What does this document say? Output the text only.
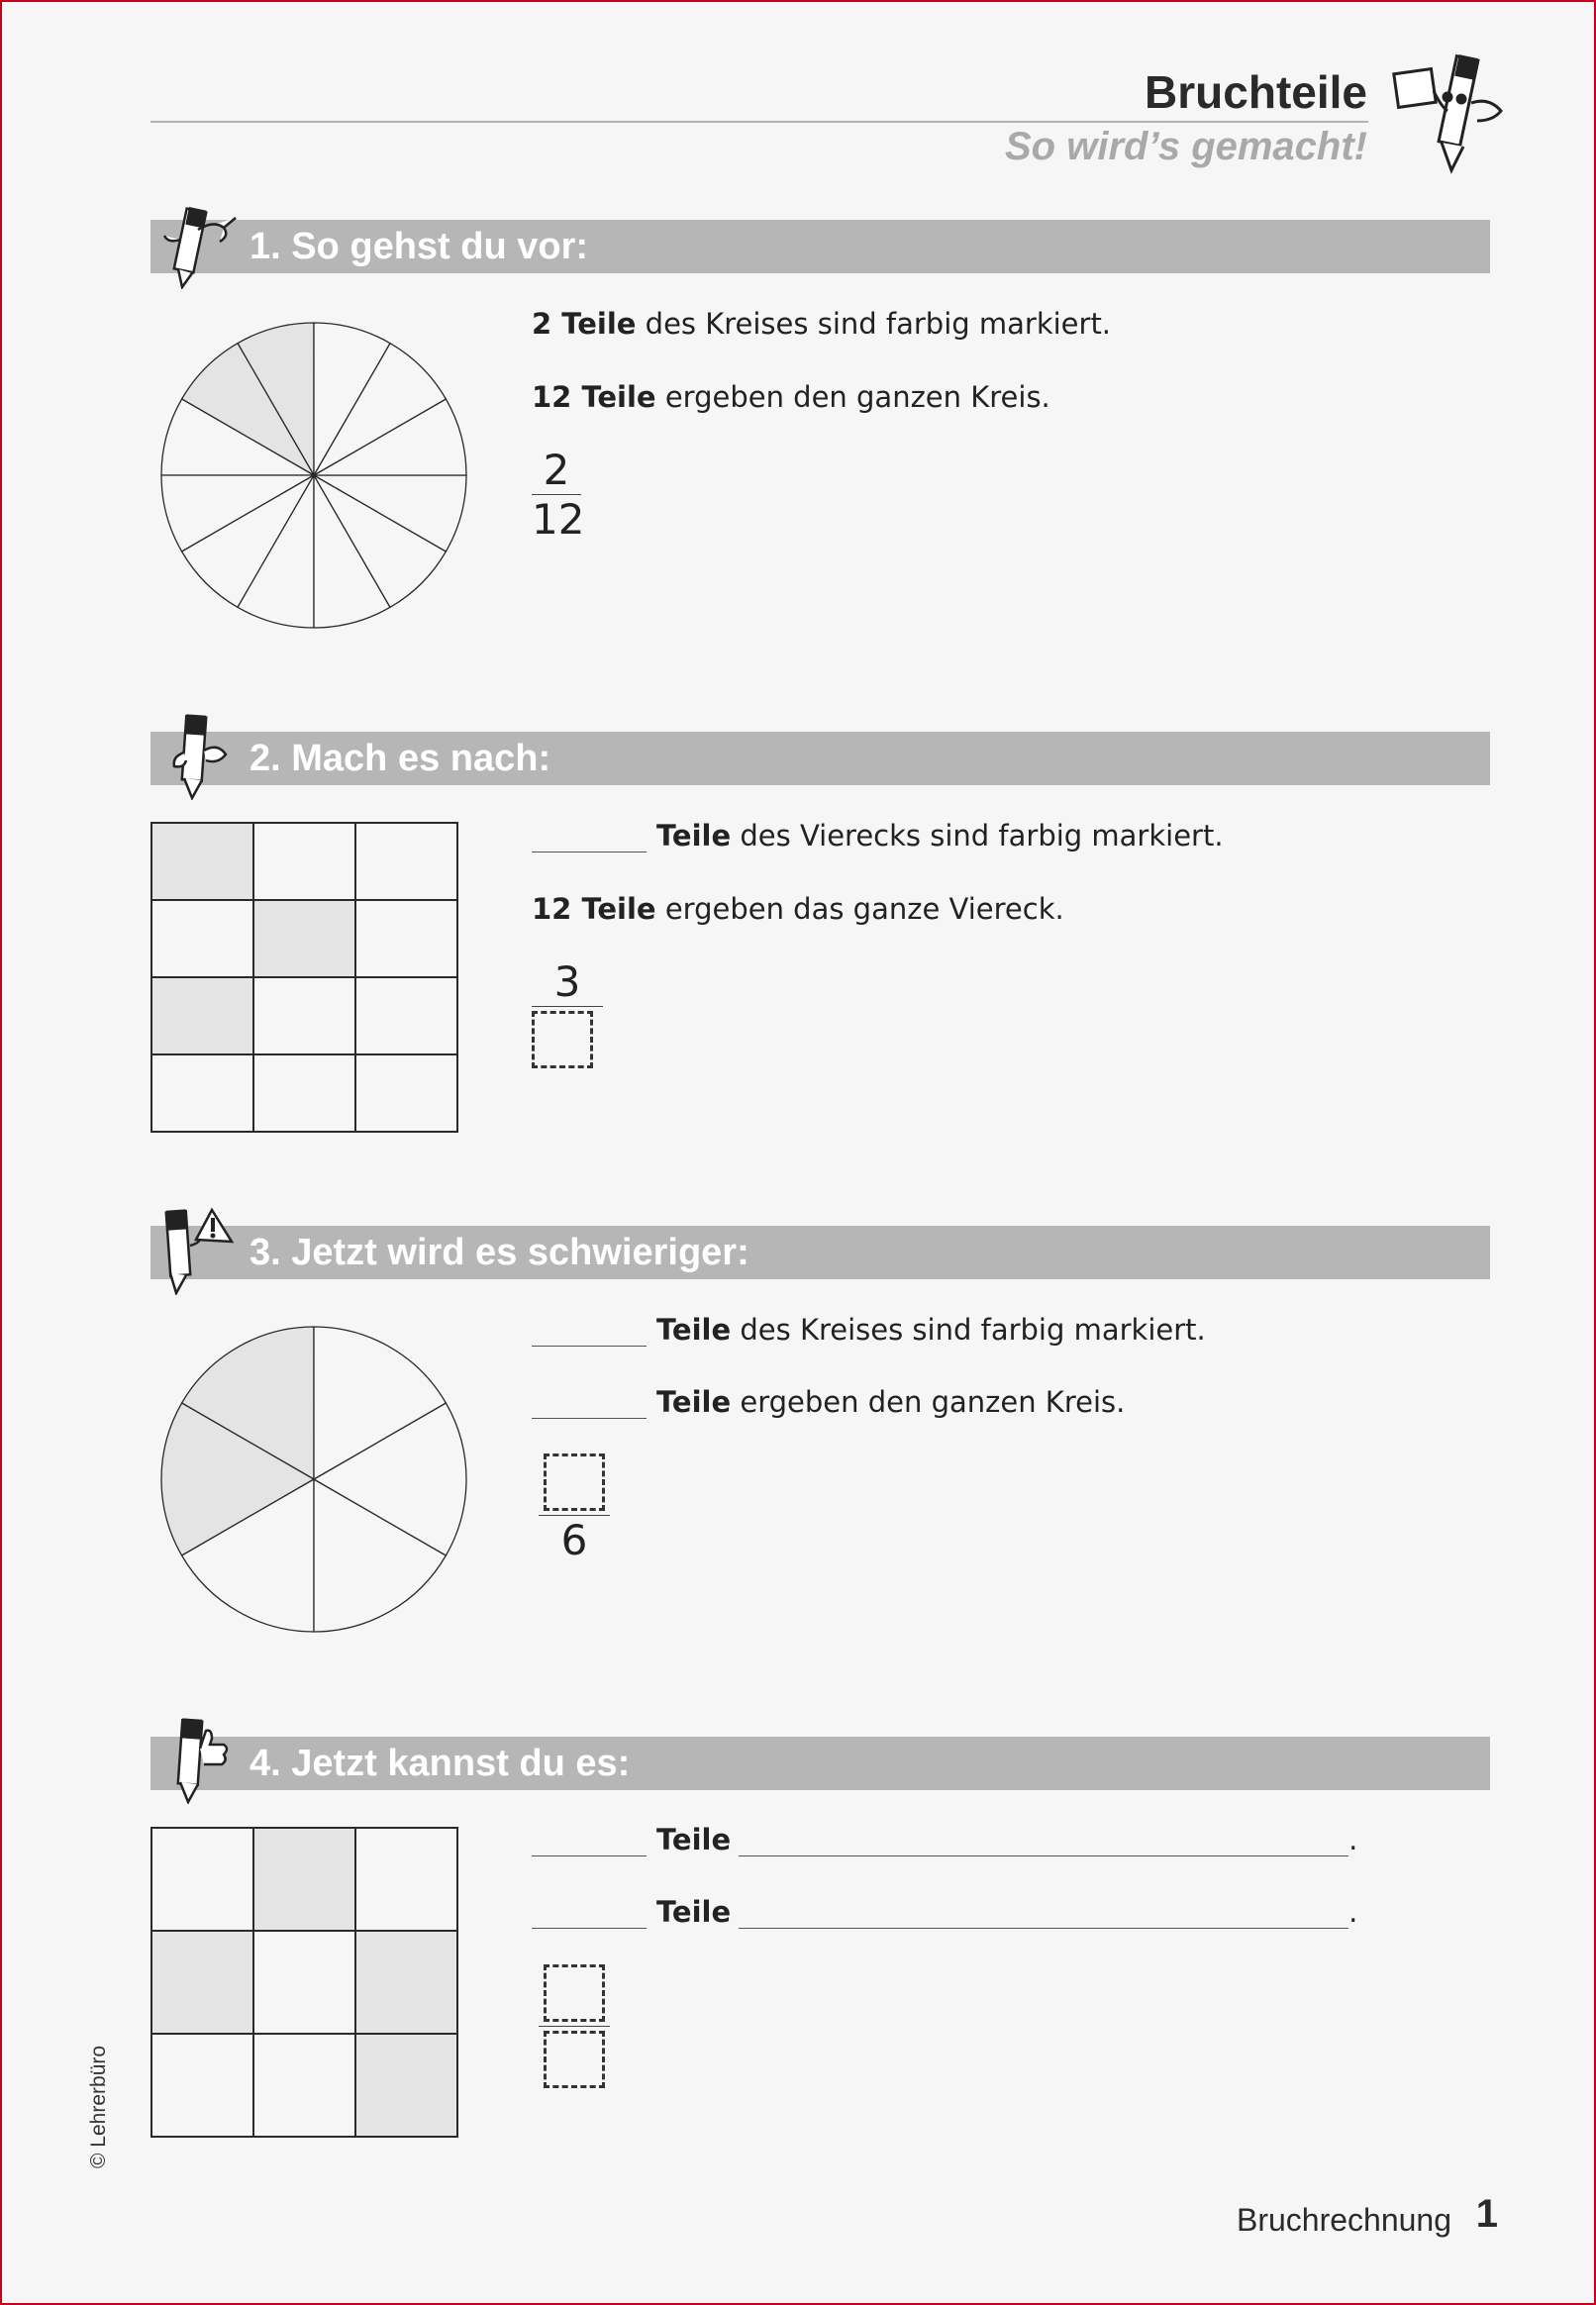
Bruchteile
So wird’s gemacht!
1. So gehst du vor:
2 Teile des Kreises sind farbig markiert.
12 Teile ergeben den ganzen Kreis.
2
12
2. Mach es nach:

Teile des Vierecks sind farbig markiert.
12 Teile ergeben das ganze Viereck.
3
3. Jetzt wird es schwieriger:
Teile des Kreises sind farbig markiert.
Teile ergeben den ganzen Kreis.
6
4. Jetzt kannst du es:

Teile	.
Teile	.
Bruchrechnung 1
© Lehrerbüro
